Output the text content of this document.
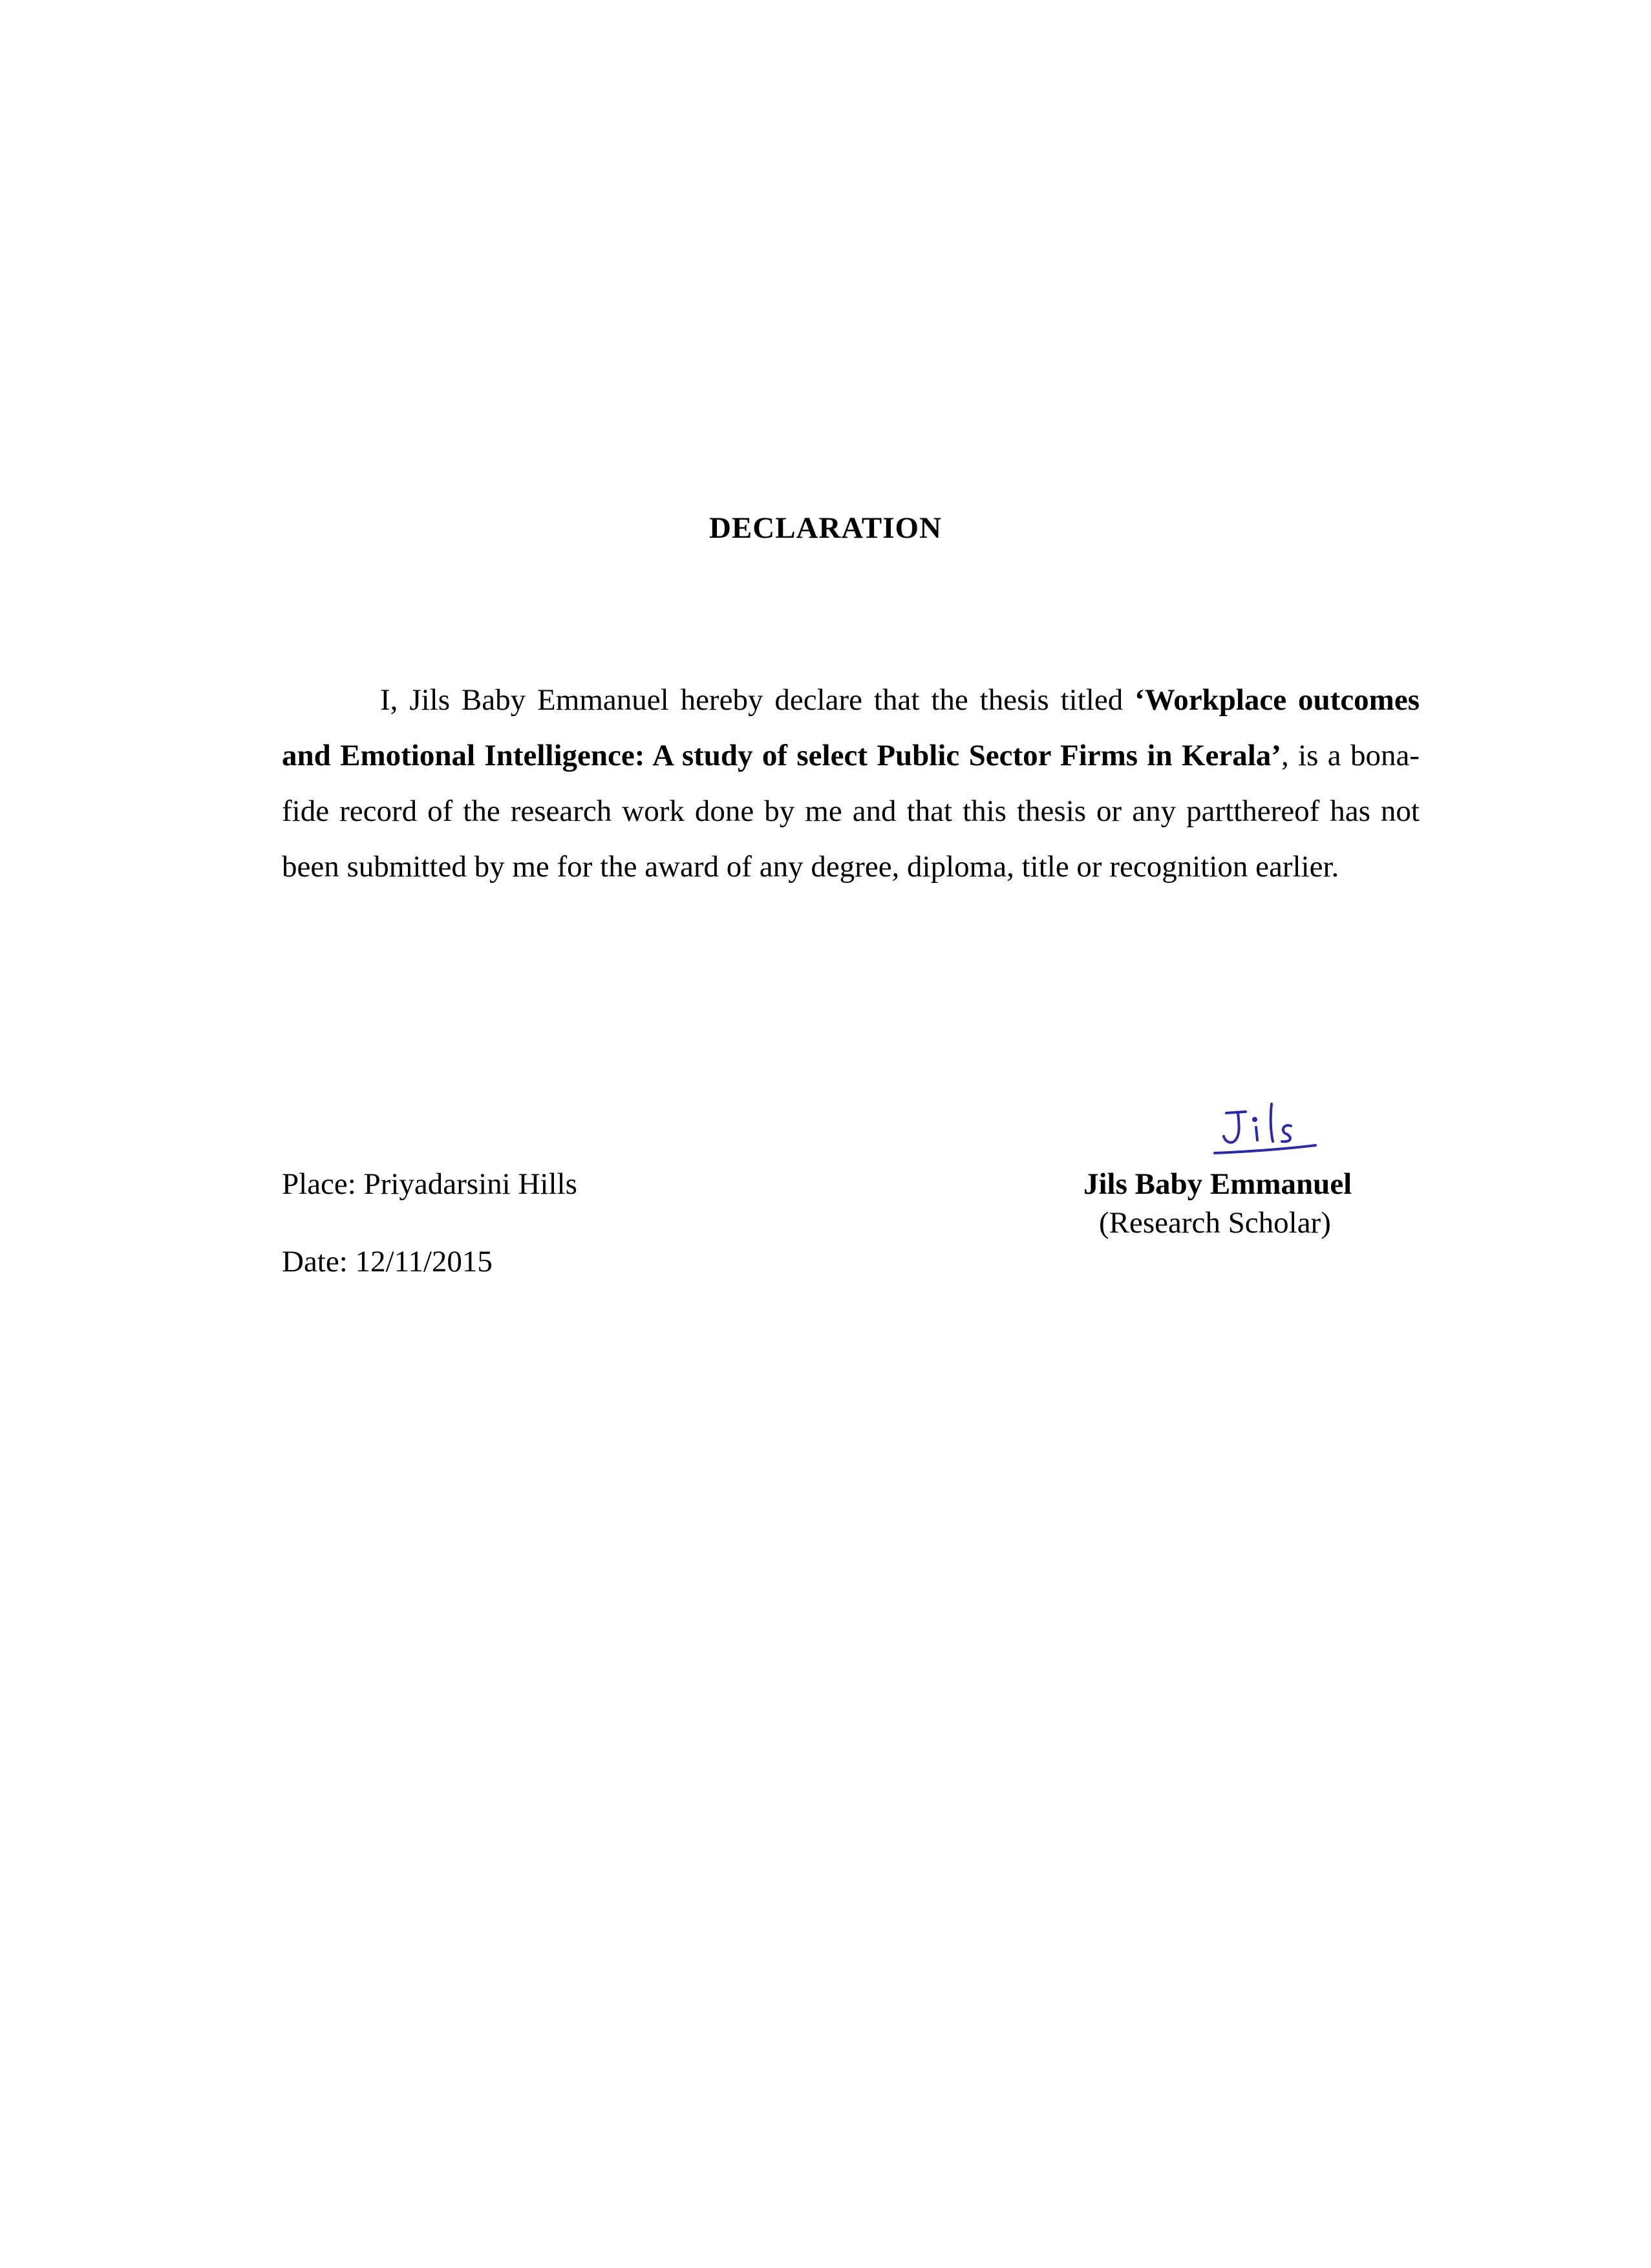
DECLARATION

I, Jils Baby Emmanuel hereby declare that the thesis titled ‘Workplace outcomes and Emotional Intelligence: A study of select Public Sector Firms in Kerala’, is a bona-fide record of the research work done by me and that this thesis or any partthereof has not been submitted by me for the award of any degree, diploma, title or recognition earlier.

Place: Priyadarsini Hills
Date: 12/11/2015
Jils Baby Emmanuel
(Research Scholar)
